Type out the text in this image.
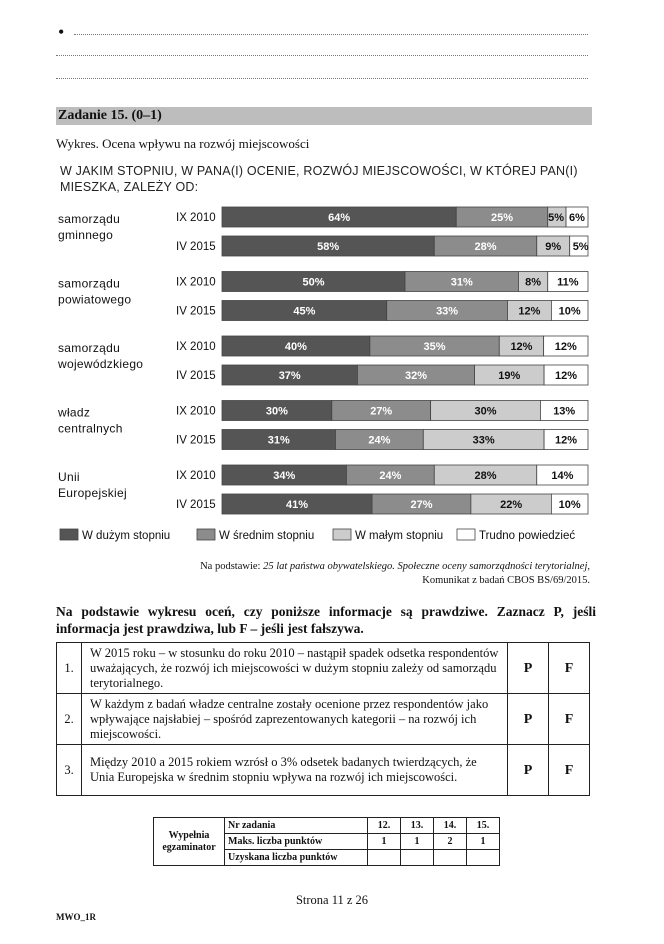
•
Zadanie 15. (0–1)
Wykres. Ocena wpływu na rozwój miejscowości
W JAKIM STOPNIU, W PANA(I) OCENIE, ROZWÓJ MIEJSCOWOŚCI, W KTÓREJ PAN(I) MIESZKA, ZALEŻY OD:
samorządu
gminnego
IX 2010	64%	25%	5% 6%
IV 2015	58%	28%	9% 5%
samorządu
powiatowego
IX 2010	50%	31%	8% 11%
IV 2015	45%	33%	12% 10%
samorządu
wojewódzkiego
IX 2010	40%	35%	12% 12%
IV 2015	37%	32%	19%	12%
władz
centralnych
IX 2010	30%	27%	30%	13%
IV 2015	31%	24%	33%	12%
Unii
Europejskiej
IX 2010	34%	24%	28%	14%
IV 2015	41%	27%	22%	10%
W dużym stopniu	W średnim stopniu	W małym stopniu	Trudno powiedzieć
Na podstawie: 25 lat państwa obywatelskiego. Społeczne oceny samorządności terytorialnej,
Komunikat z badań CBOS BS/69/2015.
Na podstawie wykresu oceń, czy poniższe informacje są prawdziwe. Zaznacz P, jeśli informacja jest prawdziwa, lub F – jeśli jest fałszywa.
1.	W 2015 roku – w stosunku do roku 2010 – nastąpił spadek odsetka respondentów uważających, że rozwój ich miejscowości w dużym stopniu zależy od samorządu terytorialnego.	P	F
2.	W każdym z badań władze centralne zostały ocenione przez respondentów jako wpływające najsłabiej – spośród zaprezentowanych kategorii – na rozwój ich miejscowości.	P	F
3.	Między 2010 a 2015 rokiem wzrósł o 3% odsetek badanych twierdzących, że Unia Europejska w średnim stopniu wpływa na rozwój ich miejscowości.	P	F
Wypełnia egzaminator	Nr zadania	12.	13.	14.	15.
	Maks. liczba punktów	1	1	2	1
	Uzyskana liczba punktów				
Strona 11 z 26
MWO_1R
